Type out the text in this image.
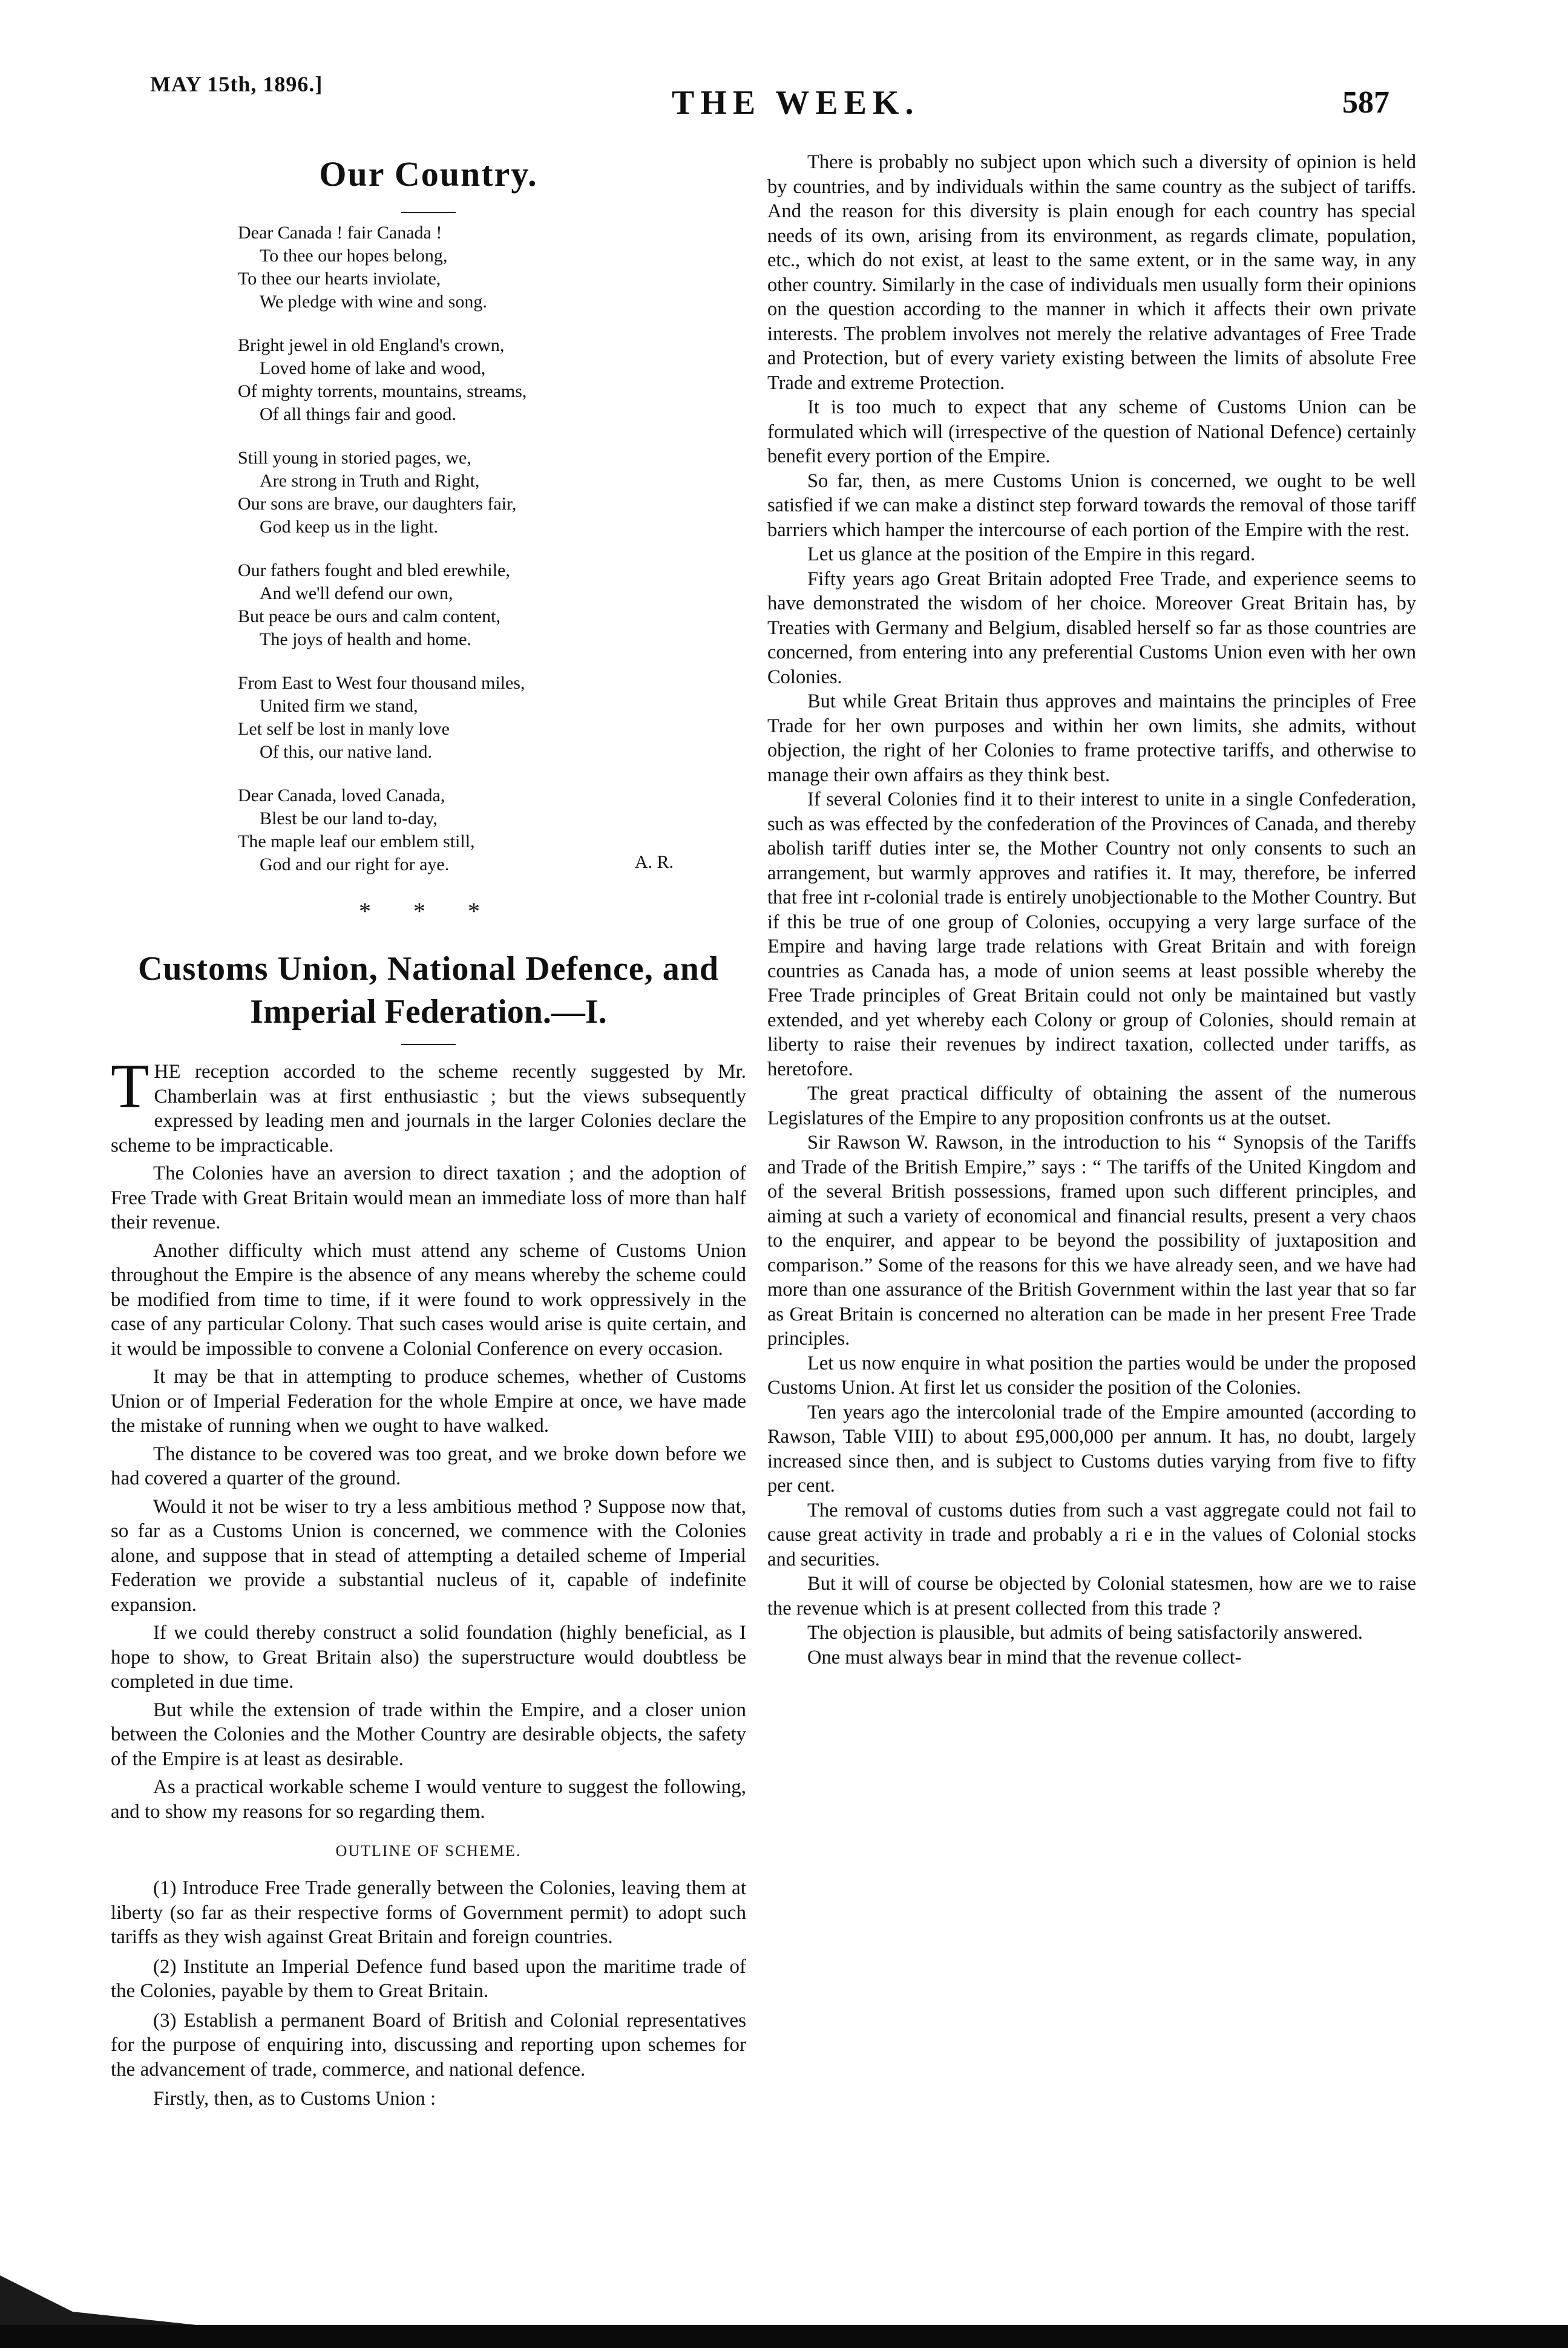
MAY 15th, 1896.]	THE WEEK.	587
Our Country.
Dear Canada ! fair Canada !
To thee our hopes belong,
To thee our hearts inviolate,
We pledge with wine and song.
Bright jewel in old England's crown,
Loved home of lake and wood,
Of mighty torrents, mountains, streams,
Of all things fair and good.
Still young in storied pages, we,
Are strong in Truth and Right,
Our sons are brave, our daughters fair,
God keep us in the light.
Our fathers fought and bled erewhile,
And we'll defend our own,
But peace be ours and calm content,
The joys of health and home.
From East to West four thousand miles,
United firm we stand,
Let self be lost in manly love
Of this, our native land.
Dear Canada, loved Canada,
Blest be our land to-day,
The maple leaf our emblem still,
God and our right for aye.	A. R.
* * *
Customs Union, National Defence, and
Imperial Federation.—I.

THE reception accorded to the scheme recently suggested by Mr. Chamberlain was at first enthusiastic ; but the views subsequently expressed by leading men and journals in the larger Colonies declare the scheme to be impracticable.

The Colonies have an aversion to direct taxation ; and the adoption of Free Trade with Great Britain would mean an immediate loss of more than half their revenue.

Another difficulty which must attend any scheme of Customs Union throughout the Empire is the absence of any means whereby the scheme could be modified from time to time, if it were found to work oppressively in the case of any particular Colony. That such cases would arise is quite certain, and it would be impossible to convene a Colonial Conference on every occasion.

It may be that in attempting to produce schemes, whether of Customs Union or of Imperial Federation for the whole Empire at once, we have made the mistake of running when we ought to have walked.

The distance to be covered was too great, and we broke down before we had covered a quarter of the ground.

Would it not be wiser to try a less ambitious method ? Suppose now that, so far as a Customs Union is concerned, we commence with the Colonies alone, and suppose that in stead of attempting a detailed scheme of Imperial Federation we provide a substantial nucleus of it, capable of indefinite expansion.

If we could thereby construct a solid foundation (highly beneficial, as I hope to show, to Great Britain also) the superstructure would doubtless be completed in due time.

But while the extension of trade within the Empire, and a closer union between the Colonies and the Mother Country are desirable objects, the safety of the Empire is at least as desirable.

As a practical workable scheme I would venture to suggest the following, and to show my reasons for so regarding them.

OUTLINE OF SCHEME.

(1) Introduce Free Trade generally between the Colonies, leaving them at liberty (so far as their respective forms of Government permit) to adopt such tariffs as they wish against Great Britain and foreign countries.

(2) Institute an Imperial Defence fund based upon the maritime trade of the Colonies, payable by them to Great Britain.

(3) Establish a permanent Board of British and Colonial representatives for the purpose of enquiring into, discussing and reporting upon schemes for the advancement of trade, commerce, and national defence.

Firstly, then, as to Customs Union :

There is probably no subject upon which such a diversity of opinion is held by countries, and by individuals within the same country as the subject of tariffs. And the reason for this diversity is plain enough for each country has special needs of its own, arising from its environment, as regards climate, population, etc., which do not exist, at least to the same extent, or in the same way, in any other country. Similarly in the case of individuals men usually form their opinions on the question according to the manner in which it affects their own private interests. The problem involves not merely the relative advantages of Free Trade and Protection, but of every variety existing between the limits of absolute Free Trade and extreme Protection.

It is too much to expect that any scheme of Customs Union can be formulated which will (irrespective of the question of National Defence) certainly benefit every portion of the Empire.

So far, then, as mere Customs Union is concerned, we ought to be well satisfied if we can make a distinct step forward towards the removal of those tariff barriers which hamper the intercourse of each portion of the Empire with the rest.

Let us glance at the position of the Empire in this regard.

Fifty years ago Great Britain adopted Free Trade, and experience seems to have demonstrated the wisdom of her choice. Moreover Great Britain has, by Treaties with Germany and Belgium, disabled herself so far as those countries are concerned, from entering into any preferential Customs Union even with her own Colonies.

But while Great Britain thus approves and maintains the principles of Free Trade for her own purposes and within her own limits, she admits, without objection, the right of her Colonies to frame protective tariffs, and otherwise to manage their own affairs as they think best.

If several Colonies find it to their interest to unite in a single Confederation, such as was effected by the confederation of the Provinces of Canada, and thereby abolish tariff duties inter se, the Mother Country not only consents to such an arrangement, but warmly approves and ratifies it. It may, therefore, be inferred that free int r-colonial trade is entirely unobjectionable to the Mother Country. But if this be true of one group of Colonies, occupying a very large surface of the Empire and having large trade relations with Great Britain and with foreign countries as Canada has, a mode of union seems at least possible whereby the Free Trade principles of Great Britain could not only be maintained but vastly extended, and yet whereby each Colony or group of Colonies, should remain at liberty to raise their revenues by indirect taxation, collected under tariffs, as heretofore.

The great practical difficulty of obtaining the assent of the numerous Legislatures of the Empire to any proposition confronts us at the outset.

Sir Rawson W. Rawson, in the introduction to his “ Synopsis of the Tariffs and Trade of the British Empire,” says : “ The tariffs of the United Kingdom and of the several British possessions, framed upon such different principles, and aiming at such a variety of economical and financial results, present a very chaos to the enquirer, and appear to be beyond the possibility of juxtaposition and comparison.” Some of the reasons for this we have already seen, and we have had more than one assurance of the British Government within the last year that so far as Great Britain is concerned no alteration can be made in her present Free Trade principles.

Let us now enquire in what position the parties would be under the proposed Customs Union. At first let us consider the position of the Colonies.

Ten years ago the intercolonial trade of the Empire amounted (according to Rawson, Table VIII) to about £95,000,000 per annum. It has, no doubt, largely increased since then, and is subject to Customs duties varying from five to fifty per cent.

The removal of customs duties from such a vast aggregate could not fail to cause great activity in trade and probably a ri e in the values of Colonial stocks and securities.

But it will of course be objected by Colonial statesmen, how are we to raise the revenue which is at present collected from this trade ?

The objection is plausible, but admits of being satisfactorily answered.

One must always bear in mind that the revenue collect-
